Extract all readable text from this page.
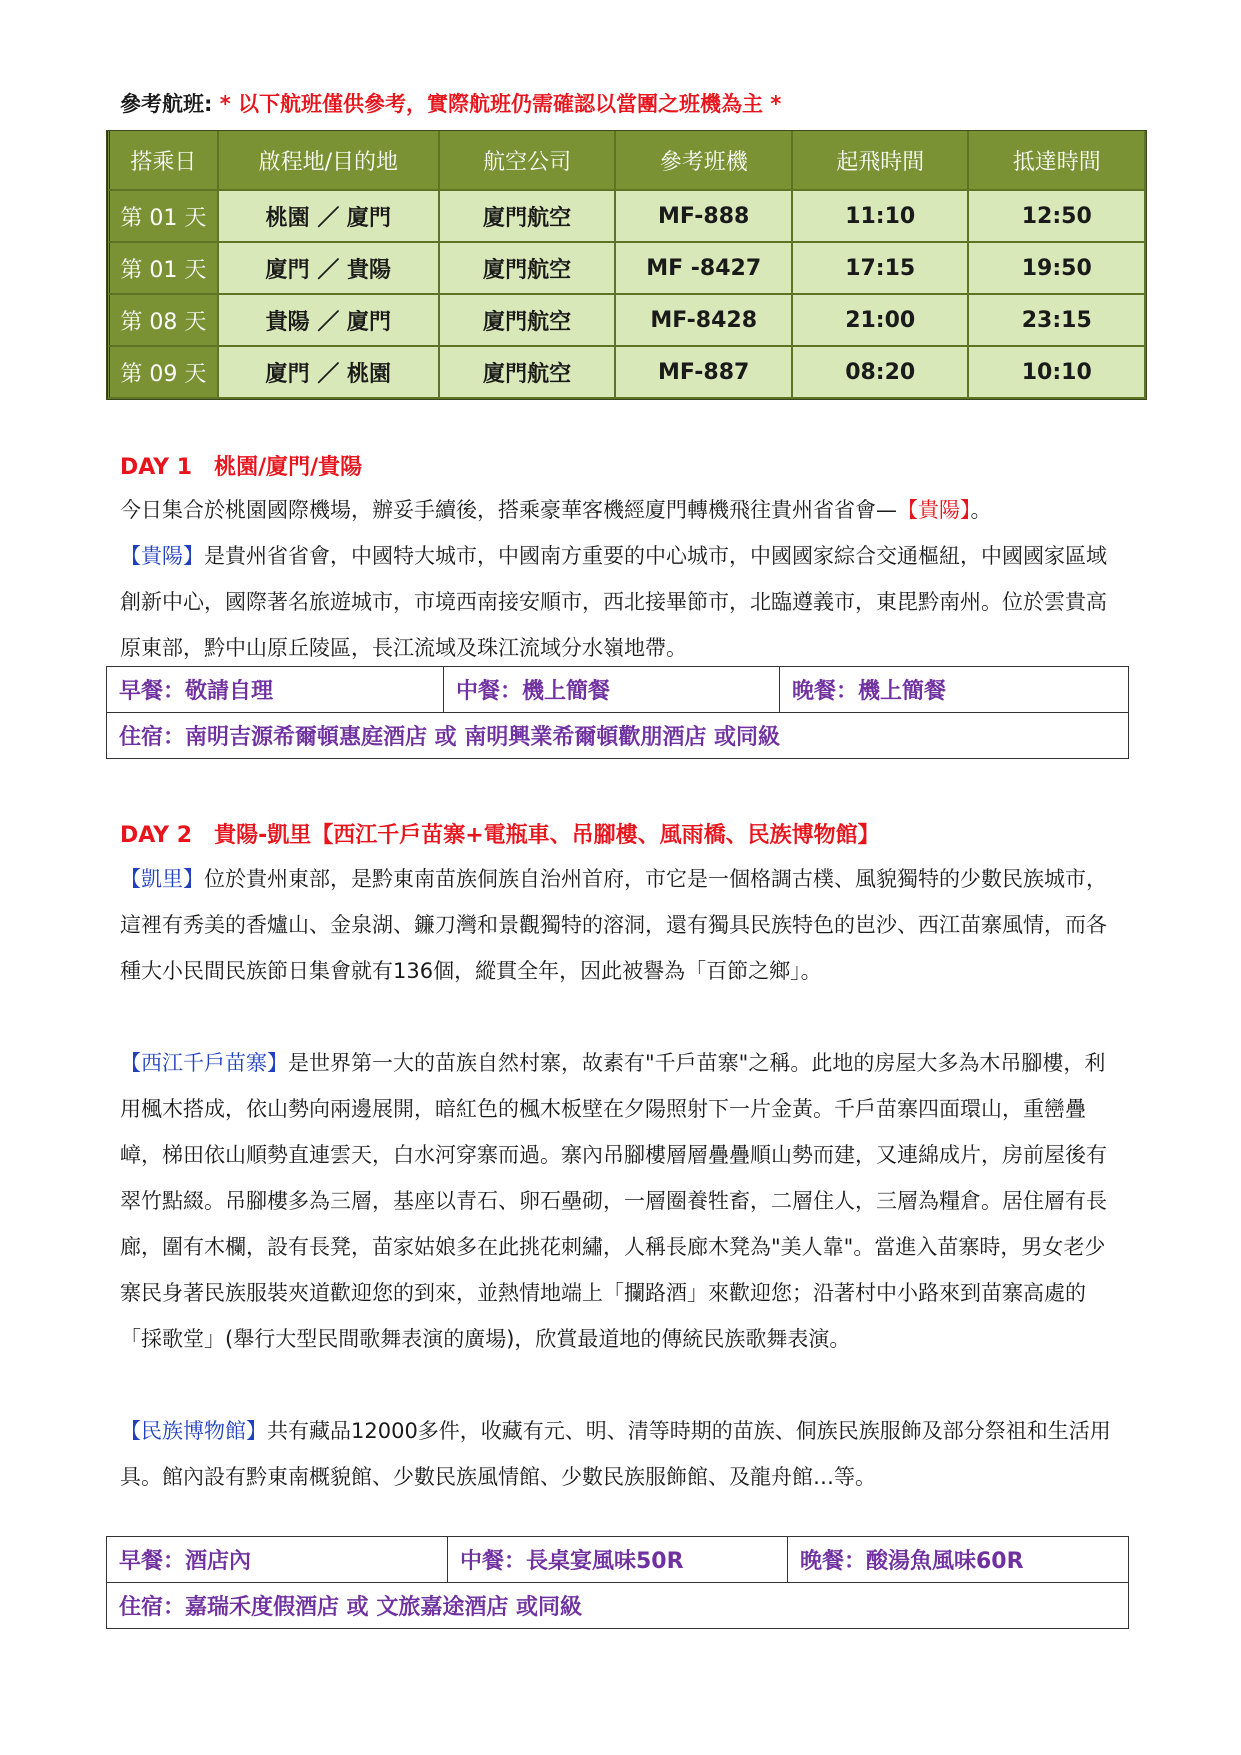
參考航班: * 以下航班僅供參考，實際航班仍需確認以當團之班機為主 *
搭乘日	啟程地/目的地	航空公司	參考班機	起飛時間	抵達時間
第 01 天	桃園 ／ 廈門	廈門航空	MF-888	11:10	12:50
第 01 天	廈門 ／ 貴陽	廈門航空	MF -8427	17:15	19:50
第 08 天	貴陽 ／ 廈門	廈門航空	MF-8428	21:00	23:15
第 09 天	廈門 ／ 桃園	廈門航空	MF-887	08:20	10:10
DAY 1　桃園/廈門/貴陽
今日集合於桃園國際機場，辦妥手續後，搭乘豪華客機經廈門轉機飛往貴州省省會—【貴陽】。
【貴陽】是貴州省省會，中國特大城市，中國南方重要的中心城市，中國國家綜合交通樞紐，中國國家區域創新中心，國際著名旅遊城市，市境西南接安順市，西北接畢節市，北臨遵義市，東毘黔南州。位於雲貴高原東部，黔中山原丘陵區，長江流域及珠江流域分水嶺地帶。
早餐：敬請自理	中餐：機上簡餐	晚餐：機上簡餐
住宿：南明吉源希爾頓惠庭酒店 或 南明興業希爾頓歡朋酒店 或同級
DAY 2　貴陽-凱里【西江千戶苗寨+電瓶車、吊腳樓、風雨橋、民族博物館】
【凱里】位於貴州東部，是黔東南苗族侗族自治州首府，市它是一個格調古樸、風貌獨特的少數民族城市，這裡有秀美的香爐山、金泉湖、鐮刀灣和景觀獨特的溶洞，還有獨具民族特色的岜沙、西江苗寨風情，而各種大小民間民族節日集會就有136個，縱貫全年，因此被譽為「百節之鄉」。
【西江千戶苗寨】是世界第一大的苗族自然村寨，故素有"千戶苗寨"之稱。此地的房屋大多為木吊腳樓，利用楓木搭成，依山勢向兩邊展開，暗紅色的楓木板壁在夕陽照射下一片金黃。千戶苗寨四面環山，重巒疊嶂，梯田依山順勢直連雲天，白水河穿寨而過。寨內吊腳樓層層疊疊順山勢而建，又連綿成片，房前屋後有翠竹點綴。吊腳樓多為三層，基座以青石、卵石壘砌，一層圈養牲畜，二層住人，三層為糧倉。居住層有長廊，圍有木欄，設有長凳，苗家姑娘多在此挑花刺繡，人稱長廊木凳為"美人靠"。當進入苗寨時，男女老少寨民身著民族服裝夾道歡迎您的到來，並熱情地端上「攔路酒」來歡迎您；沿著村中小路來到苗寨高處的「採歌堂」(舉行大型民間歌舞表演的廣場)，欣賞最道地的傳統民族歌舞表演。
【民族博物館】共有藏品12000多件，收藏有元、明、清等時期的苗族、侗族民族服飾及部分祭祖和生活用具。館內設有黔東南概貌館、少數民族風情館、少數民族服飾館、及龍舟館…等。
早餐：酒店內	中餐：長桌宴風味50R	晚餐：酸湯魚風味60R
住宿：嘉瑞禾度假酒店 或 文旅嘉途酒店 或同級
